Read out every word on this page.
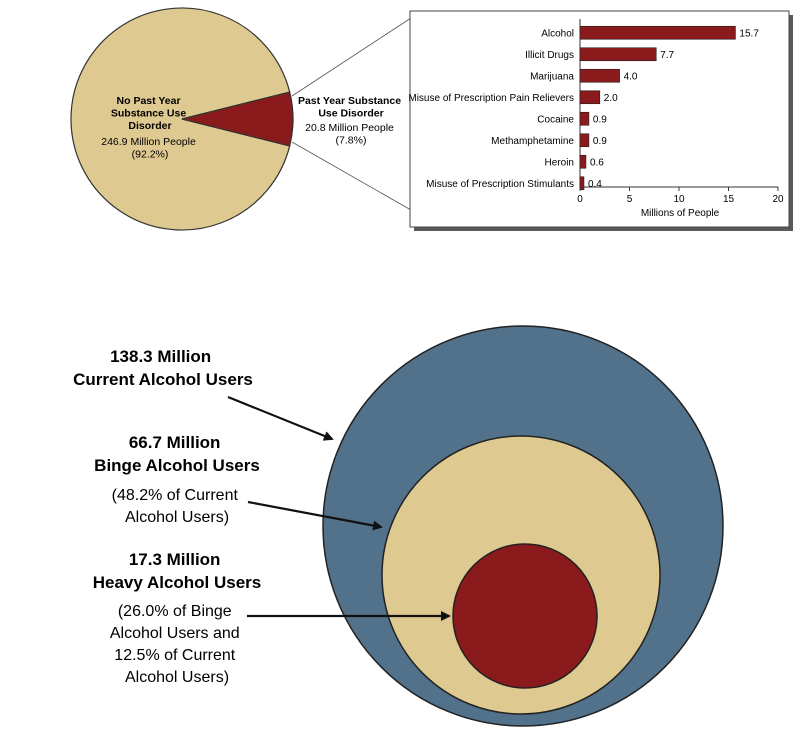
No Past Year Substance Use Disorder
246.9 Million People (92.2%)
Past Year Substance Use Disorder
20.8 Million People (7.8%)
Alcohol	15.7
Illicit Drugs	7.7
Marijuana	4.0
Misuse of Prescription Pain Relievers	2.0
Cocaine 0.9
Methamphetamine 0.9
Heroin 0.6
Misuse of Prescription Stimulants 0.4
0	5	10	15	20
Millions of People
138.3 Million Current Alcohol Users
66.7 Million Binge Alcohol Users
(48.2% of Current Alcohol Users)
17.3 Million Heavy Alcohol Users
(26.0% of Binge Alcohol Users and 12.5% of Current Alcohol Users)
